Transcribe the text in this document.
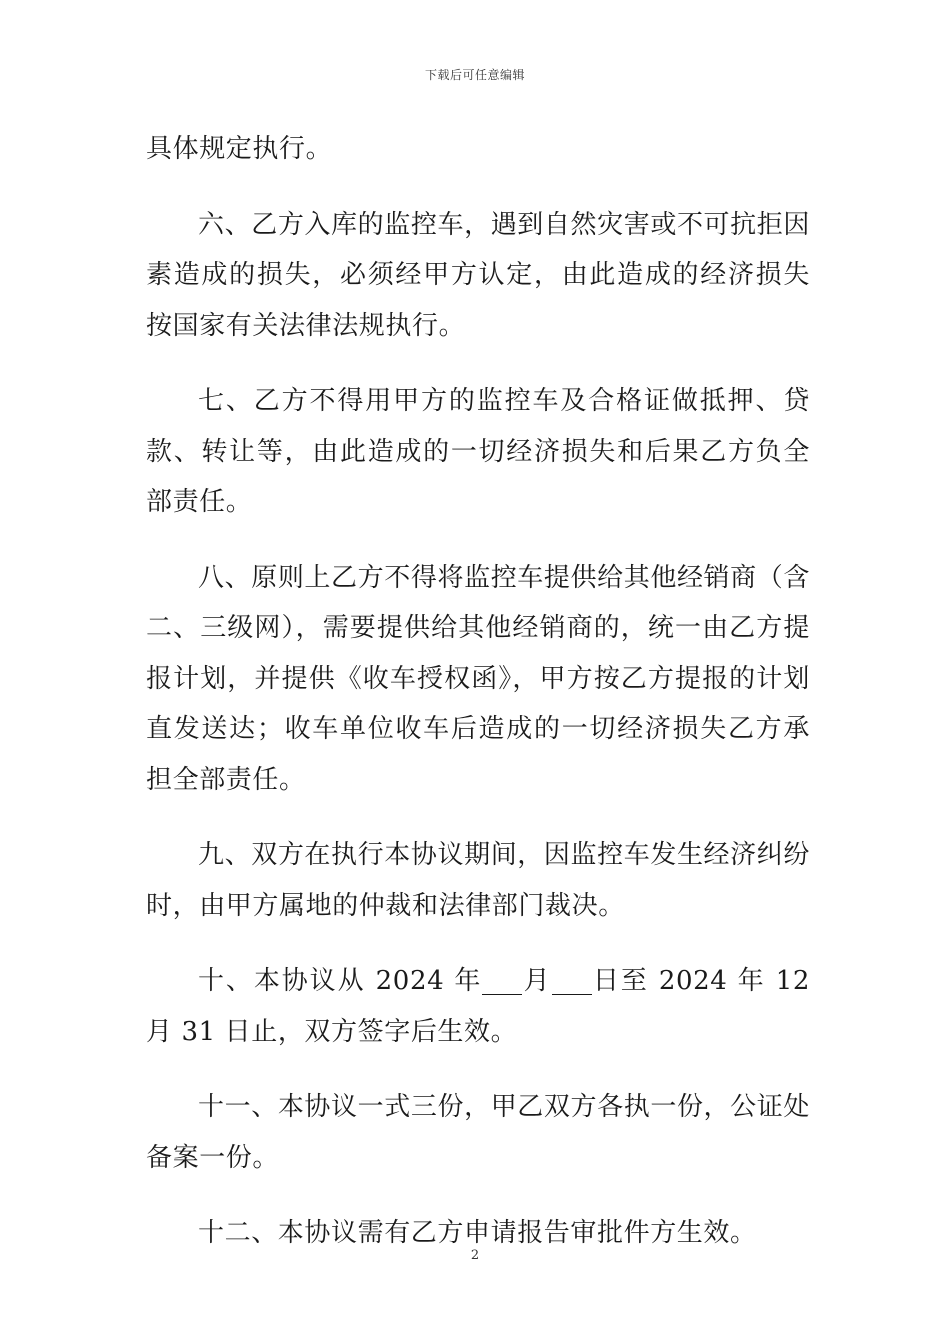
下载后可任意编辑

具体规定执行。

六、乙方入库的监控车，遇到自然灾害或不可抗拒因素造成的损失，必须经甲方认定，由此造成的经济损失按国家有关法律法规执行。

七、乙方不得用甲方的监控车及合格证做抵押、贷款、转让等，由此造成的一切经济损失和后果乙方负全部责任。

八、原则上乙方不得将监控车提供给其他经销商（含二、三级网），需要提供给其他经销商的，统一由乙方提报计划，并提供《收车授权函》，甲方按乙方提报的计划直发送达；收车单位收车后造成的一切经济损失乙方承担全部责任。

九、双方在执行本协议期间，因监控车发生经济纠纷时，由甲方属地的仲裁和法律部门裁决。

十、本协议从 2024 年 月 日至 2024 年 12 月 31 日止，双方签字后生效。

十一、本协议一式三份，甲乙双方各执一份，公证处备案一份。

十二、本协议需有乙方申请报告审批件方生效。

2
